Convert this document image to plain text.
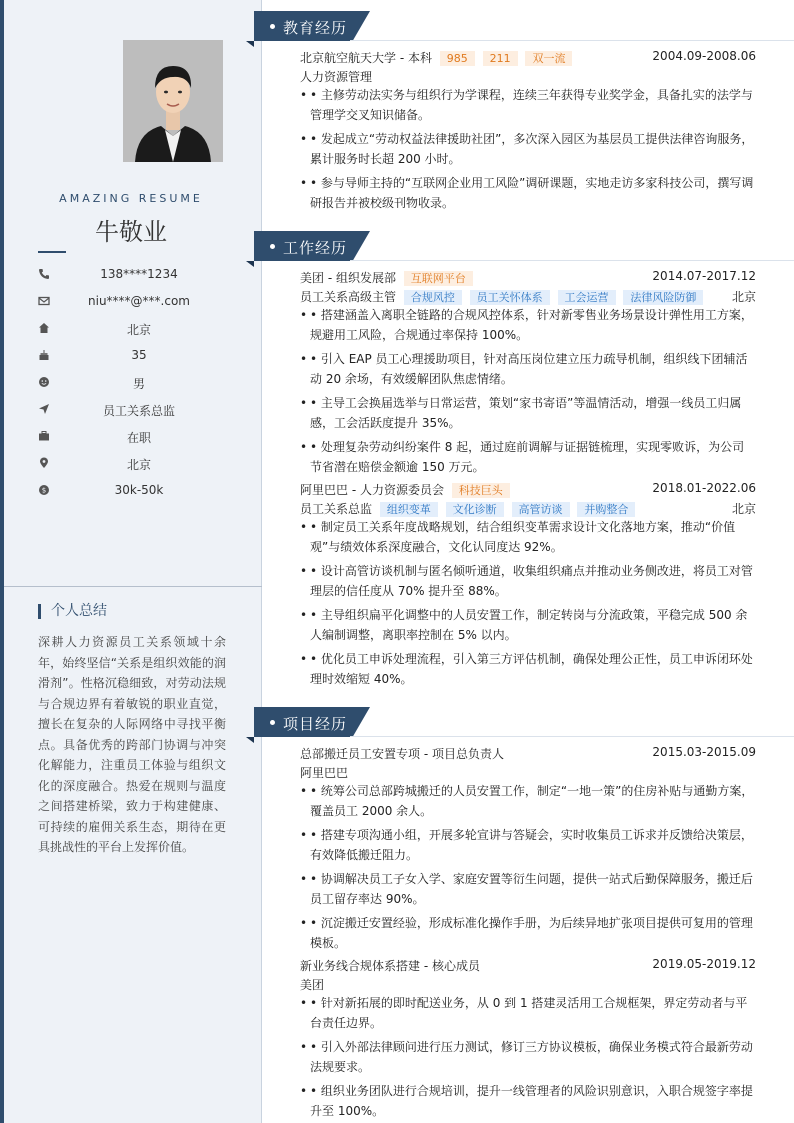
AMAZING RESUME
牛敬业
138****1234
niu****@***.com
北京
35
男
员工关系总监
在职
北京
$	30k-50k
个人总结
深耕人力资源员工关系领域十余年，始终坚信“关系是组织效能的润滑剂”。性格沉稳细致，对劳动法规与合规边界有着敏锐的职业直觉，擅长在复杂的人际网络中寻找平衡点。具备优秀的跨部门协调与冲突化解能力，注重员工体验与组织文化的深度融合。热爱在规则与温度之间搭建桥梁，致力于构建健康、可持续的雇佣关系生态，期待在更具挑战性的平台上发挥价值。
教育经历
北京航空航天大学 - 本科 985 211 双一流	2004.09-2008.06
人力资源管理
• • 主修劳动法实务与组织行为学课程，连续三年获得专业奖学金，具备扎实的法学与管理学交叉知识储备。
• • 发起成立“劳动权益法律援助社团”，多次深入园区为基层员工提供法律咨询服务，累计服务时长超 200 小时。
• • 参与导师主持的“互联网企业用工风险”调研课题，实地走访多家科技公司，撰写调研报告并被校级刊物收录。
工作经历
美团 - 组织发展部 互联网平台	2014.07-2017.12
员工关系高级主管 合规风控 员工关怀体系 工会运营 法律风险防御	北京
• • 搭建涵盖入离职全链路的合规风控体系，针对新零售业务场景设计弹性用工方案，规避用工风险，合规通过率保持 100%。
• • 引入 EAP 员工心理援助项目，针对高压岗位建立压力疏导机制，组织线下团辅活动 20 余场，有效缓解团队焦虑情绪。
• • 主导工会换届选举与日常运营，策划“家书寄语”等温情活动，增强一线员工归属感，工会活跃度提升 35%。
• • 处理复杂劳动纠纷案件 8 起，通过庭前调解与证据链梳理，实现零败诉，为公司节省潜在赔偿金额逾 150 万元。
阿里巴巴 - 人力资源委员会 科技巨头	2018.01-2022.06
员工关系总监 组织变革 文化诊断 高管访谈 并购整合	北京
• • 制定员工关系年度战略规划，结合组织变革需求设计文化落地方案，推动“价值观”与绩效体系深度融合，文化认同度达 92%。
• • 设计高管访谈机制与匿名倾听通道，收集组织痛点并推动业务侧改进，将员工对管理层的信任度从 70% 提升至 88%。
• • 主导组织扁平化调整中的人员安置工作，制定转岗与分流政策，平稳完成 500 余人编制调整，离职率控制在 5% 以内。
• • 优化员工申诉处理流程，引入第三方评估机制，确保处理公正性，员工申诉闭环处理时效缩短 40%。
项目经历
总部搬迁员工安置专项 - 项目总负责人	2015.03-2015.09
阿里巴巴
• • 统筹公司总部跨城搬迁的人员安置工作，制定“一地一策”的住房补贴与通勤方案，覆盖员工 2000 余人。
• • 搭建专项沟通小组，开展多轮宣讲与答疑会，实时收集员工诉求并反馈给决策层，有效降低搬迁阻力。
• • 协调解决员工子女入学、家庭安置等衍生问题，提供一站式后勤保障服务，搬迁后员工留存率达 90%。
• • 沉淀搬迁安置经验，形成标准化操作手册，为后续异地扩张项目提供可复用的管理模板。
新业务线合规体系搭建 - 核心成员	2019.05-2019.12
美团
• • 针对新拓展的即时配送业务，从 0 到 1 搭建灵活用工合规框架，界定劳动者与平台责任边界。
• • 引入外部法律顾问进行压力测试，修订三方协议模板，确保业务模式符合最新劳动法规要求。
• • 组织业务团队进行合规培训，提升一线管理者的风险识别意识，入职合规签字率提升至 100%。
